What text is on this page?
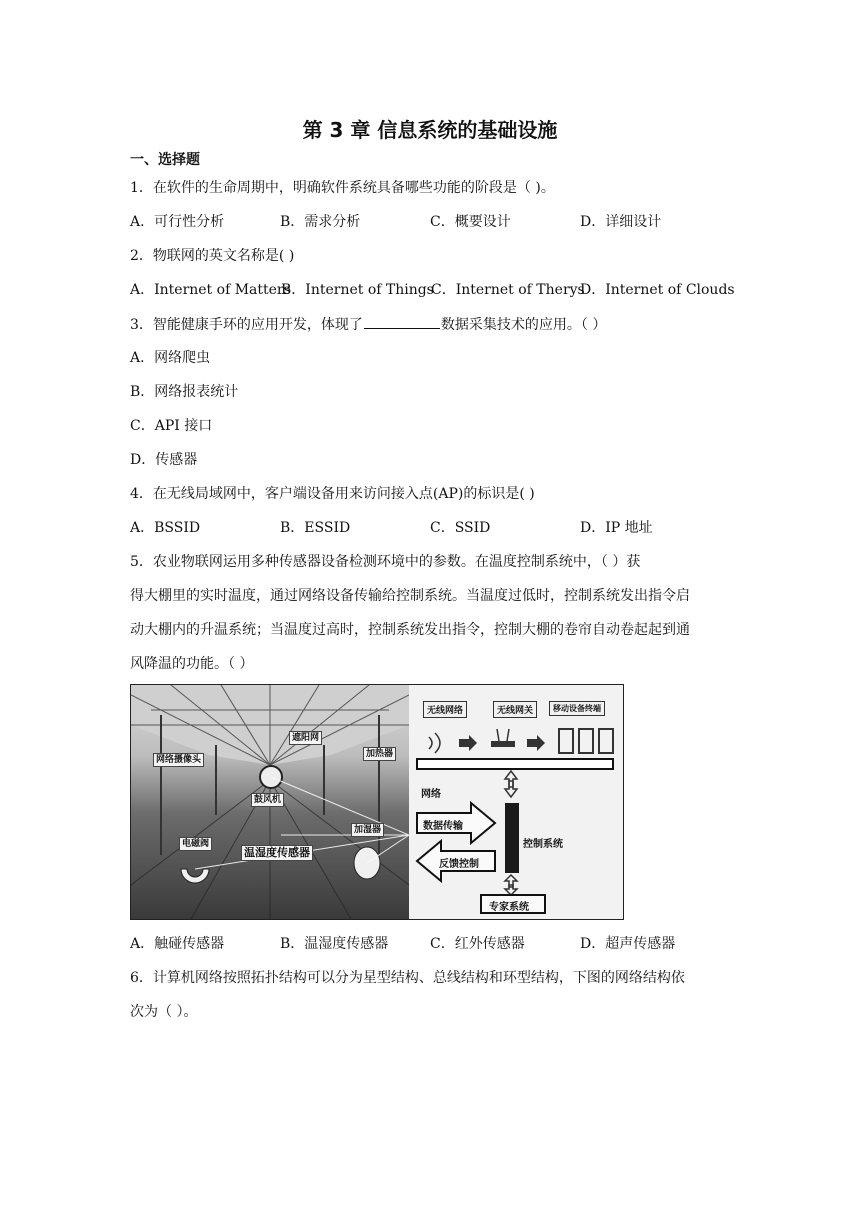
第 3 章 信息系统的基础设施
一、选择题
1．在软件的生命周期中，明确软件系统具备哪些功能的阶段是（ )。
A．可行性分析	B．需求分析	C．概要设计	D．详细设计
2．物联网的英文名称是( )
A．Internet of Matters
B．Internet of Things
C．Internet of Therys
D．Internet of Clouds
3．智能健康手环的应用开发，体现了	数据采集技术的应用。（ ）
A．网络爬虫
B．网络报表统计
C．API 接口
D．传感器
4．在无线局域网中，客户端设备用来访问接入点(AP)的标识是( )
A．BSSID	B．ESSID	C．SSID	D．IP 地址
5．农业物联网运用多种传感器设备检测环境中的参数。在温度控制系统中，（ ）获
得大棚里的实时温度，通过网络设备传输给控制系统。当温度过低时，控制系统发出指令启
动大棚内的升温系统；当温度过高时，控制系统发出指令，控制大棚的卷帘自动卷起起到通
风降温的功能。（ ）
遮阳网
网络摄像头
加热器
鼓风机
加湿器
电磁阀
温湿度传感器
无线网络	无线网关	移动设备终端
网络
数据传输
控制系统
反馈控制
专家系统
A．触碰传感器	B．温湿度传感器	C．红外传感器	D．超声传感器
6．计算机网络按照拓扑结构可以分为星型结构、总线结构和环型结构，下图的网络结构依
次为（ ）。
